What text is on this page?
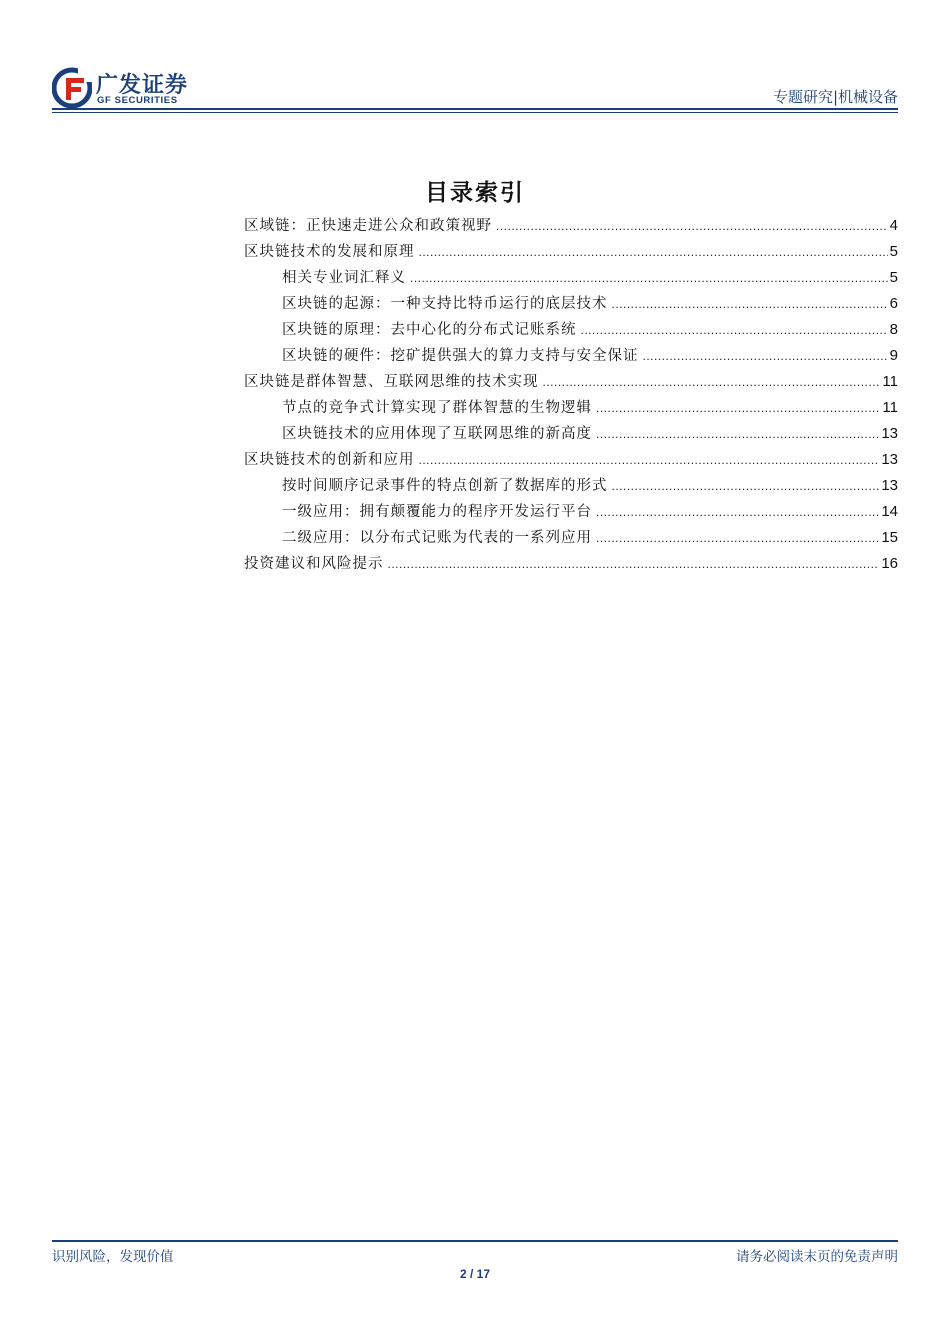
广发证券
GF SECURITIES	专题研究|机械设备
目录索引
区域链：正快速走进公众和政策视野 .....	4
区块链技术的发展和原理 .....	5
相关专业词汇释义 .....	5
区块链的起源：一种支持比特币运行的底层技术 .....	6
区块链的原理：去中心化的分布式记账系统 .....	8
区块链的硬件：挖矿提供强大的算力支持与安全保证 .....	9
区块链是群体智慧、互联网思维的技术实现 .....	11
节点的竞争式计算实现了群体智慧的生物逻辑 .....	11
区块链技术的应用体现了互联网思维的新高度 .....	13
区块链技术的创新和应用 .....	13
按时间顺序记录事件的特点创新了数据库的形式 .....	13
一级应用：拥有颠覆能力的程序开发运行平台 .....	14
二级应用：以分布式记账为代表的一系列应用 .....	15
投资建议和风险提示 .....	16
识别风险，发现价值	请务必阅读末页的免责声明
2 / 17
